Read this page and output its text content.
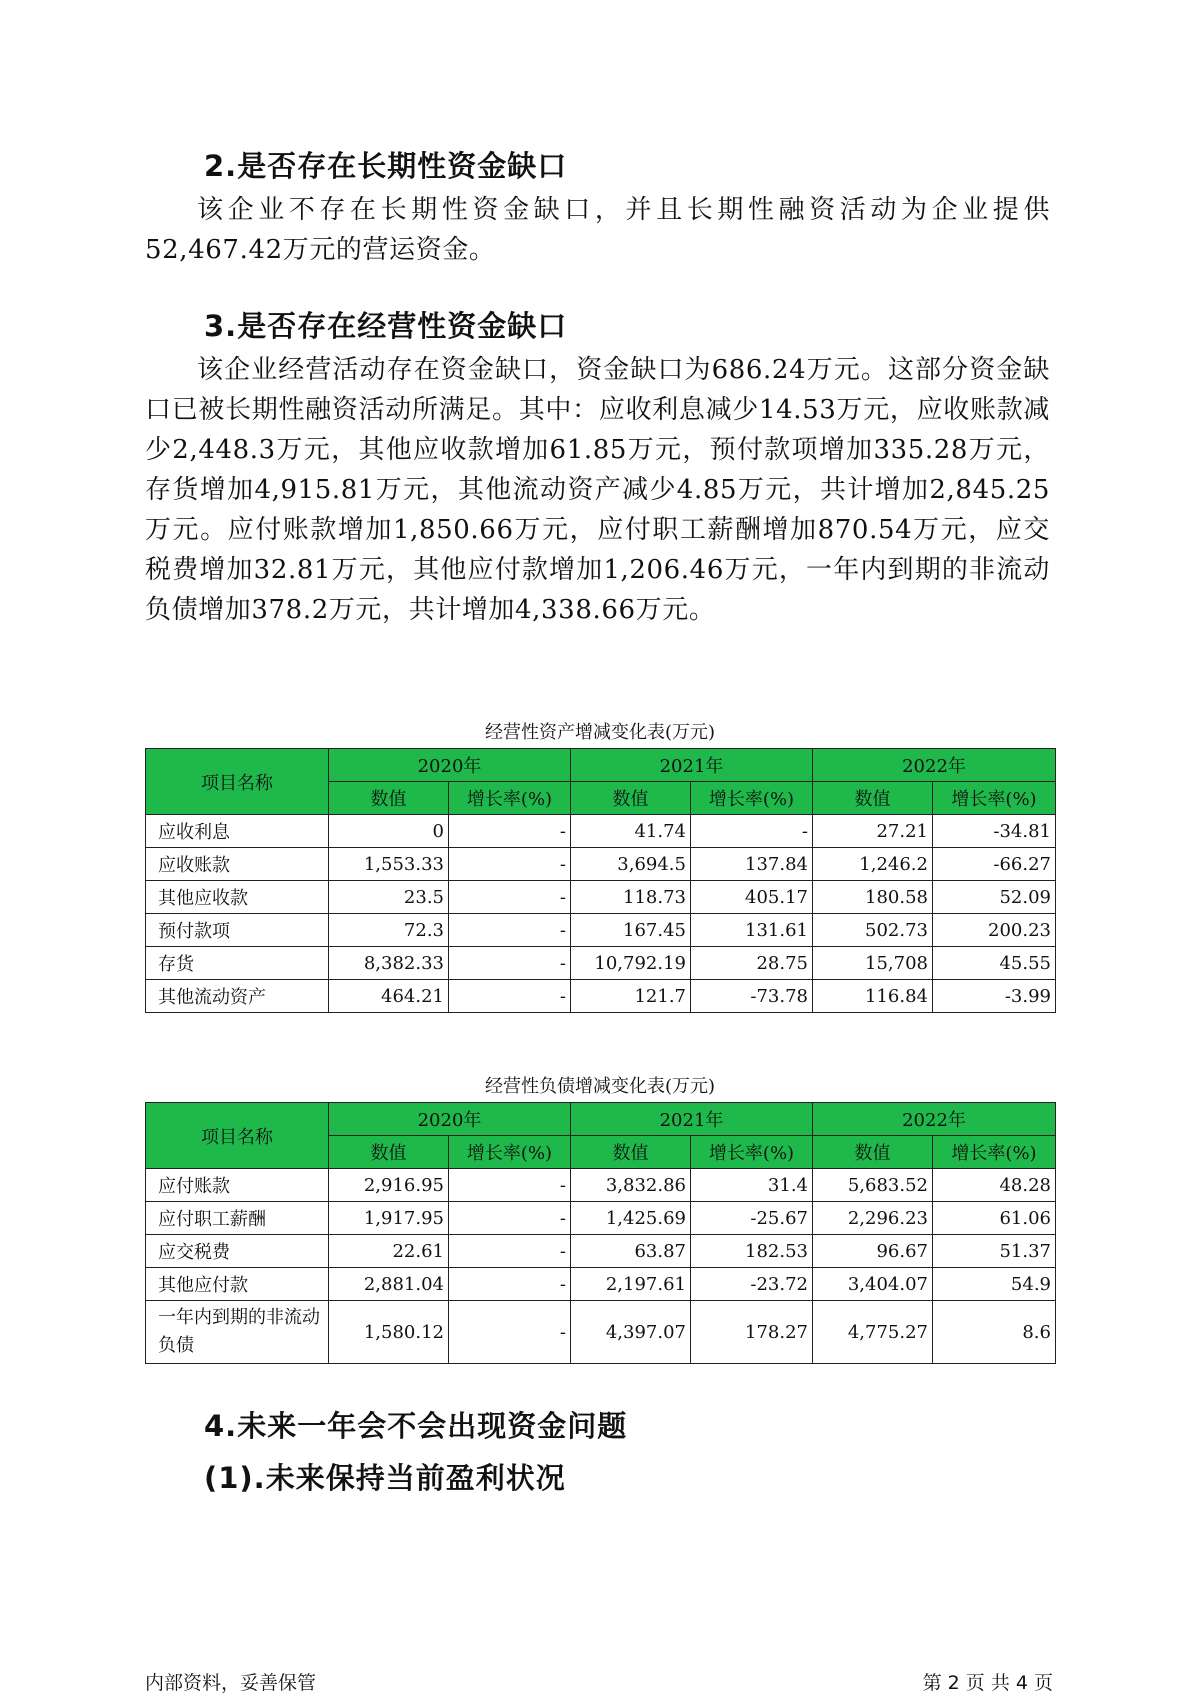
2.是否存在长期性资金缺口

该企业不存在长期性资金缺口，并且长期性融资活动为企业提供52,467.42万元的营运资金。

3.是否存在经营性资金缺口

该企业经营活动存在资金缺口，资金缺口为686.24万元。这部分资金缺口已被长期性融资活动所满足。其中：应收利息减少14.53万元，应收账款减少2,448.3万元，其他应收款增加61.85万元，预付款项增加335.28万元，存货增加4,915.81万元，其他流动资产减少4.85万元，共计增加2,845.25万元。应付账款增加1,850.66万元，应付职工薪酬增加870.54万元，应交税费增加32.81万元，其他应付款增加1,206.46万元，一年内到期的非流动负债增加378.2万元，共计增加4,338.66万元。

经营性资产增减变化表(万元)

项目名称	2020年		2021年		2022年	
	数值	增长率(%)	数值	增长率(%)	数值	增长率(%)
应收利息	0	-	41.74	-	27.21	-34.81
应收账款	1,553.33	-	3,694.5	137.84	1,246.2	-66.27
其他应收款	23.5	-	118.73	405.17	180.58	52.09
预付款项	72.3	-	167.45	131.61	502.73	200.23
存货	8,382.33	-	10,792.19	28.75	15,708	45.55
其他流动资产	464.21	-	121.7	-73.78	116.84	-3.99

经营性负债增减变化表(万元)

项目名称	2020年		2021年		2022年	
	数值	增长率(%)	数值	增长率(%)	数值	增长率(%)
应付账款	2,916.95	-	3,832.86	31.4	5,683.52	48.28
应付职工薪酬	1,917.95	-	1,425.69	-25.67	2,296.23	61.06
应交税费	22.61	-	63.87	182.53	96.67	51.37
其他应付款	2,881.04	-	2,197.61	-23.72	3,404.07	54.9
一年内到期的非流动负债	1,580.12	-	4,397.07	178.27	4,775.27	8.6
4.未来一年会不会出现资金问题
(1).未来保持当前盈利状况

内部资料，妥善保管	第 2 页 共 4 页
